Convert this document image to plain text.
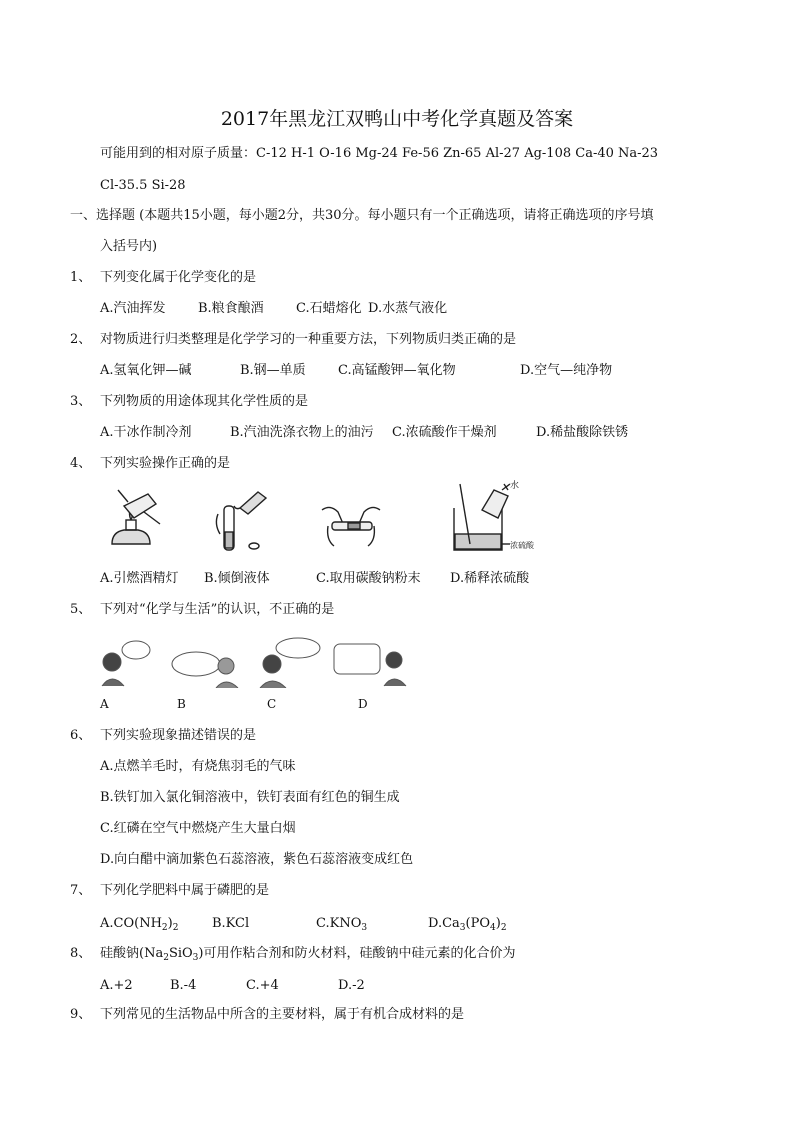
2017年黑龙江双鸭山中考化学真题及答案
可能用到的相对原子质量：C-12 H-1 O-16 Mg-24 Fe-56 Zn-65 Al-27 Ag-108 Ca-40 Na-23
Cl-35.5 Si-28
一、选择题 (本题共15小题，每小题2分，共30分。每小题只有一个正确选项，请将正确选项的序号填
入括号内)
1、 下列变化属于化学变化的是
A.汽油挥发 B.粮食酿酒 C.石蜡熔化 D.水蒸气液化
2、 对物质进行归类整理是化学学习的一种重要方法，下列物质归类正确的是
A.氢氧化钾—碱	B.钢—单质 C.高锰酸钾—氧化物	D.空气—纯净物
3、 下列物质的用途体现其化学性质的是
A.干冰作制冷剂	B.汽油洗涤衣物上的油污 C.浓硫酸作干燥剂	D.稀盐酸除铁锈
4、 下列实验操作正确的是
水
浓硫酸
A.引燃酒精灯 B.倾倒液体	C.取用碳酸钠粉末 D.稀释浓硫酸
5、 下列对“化学与生活”的认识，不正确的是
A	B	C	D
6、 下列实验现象描述错误的是
A.点燃羊毛时，有烧焦羽毛的气味
B.铁钉加入氯化铜溶液中，铁钉表面有红色的铜生成
C.红磷在空气中燃烧产生大量白烟
D.向白醋中滴加紫色石蕊溶液，紫色石蕊溶液变成红色
7、 下列化学肥料中属于磷肥的是
$A.CO(NH_2)_2$	B.KCl	$C.KNO_3$	$D.Ca_3(PO_4)_2$
8、 硅酸钠$(Na_2SiO_3)$可用作粘合剂和防火材料，硅酸钠中硅元素的化合价为
A.+2	B.-4	C.+4	D.-2
9、 下列常见的生活物品中所含的主要材料，属于有机合成材料的是
